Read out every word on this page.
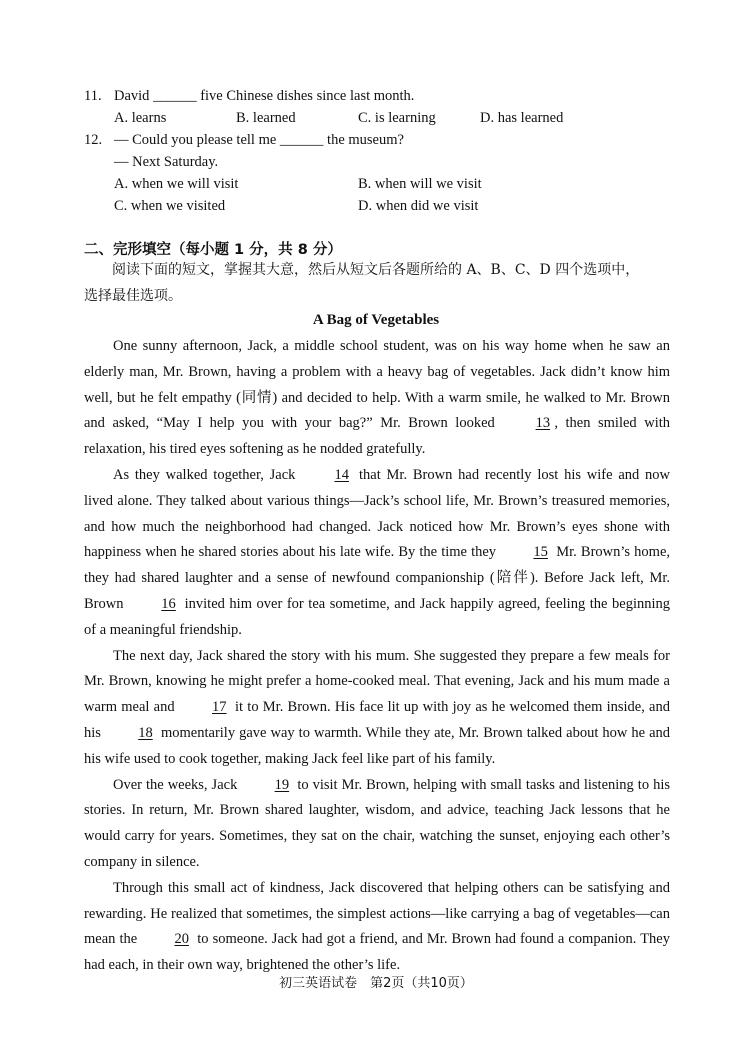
11. David ______ five Chinese dishes since last month.
A. learns	B. learned	C. is learning	D. has learned
12. — Could you please tell me ______ the museum?
— Next Saturday.
A. when we will visit	B. when will we visit
C. when we visited	D. when did we visit
二、完形填空（每小题 1 分，共 8 分）
阅读下面的短文，掌握其大意，然后从短文后各题所给的 A、B、C、D 四个选项中，
选择最佳选项。
A Bag of Vegetables

One sunny afternoon, Jack, a middle school student, was on his way home when he saw an elderly man, Mr. Brown, having a problem with a heavy bag of vegetables. Jack didn’t know him well, but he felt empathy (同情) and decided to help. With a warm smile, he walked to Mr. Brown and asked, “May I help you with your bag?” Mr. Brown looked	13 , then smiled with relaxation, his tired eyes softening as he nodded gratefully.

As they walked together, Jack	14 that Mr. Brown had recently lost his wife and now lived alone. They talked about various things—Jack’s school life, Mr. Brown’s treasured memories, and how much the neighborhood had changed. Jack noticed how Mr. Brown’s eyes shone with happiness when he shared stories about his late wife. By the time they	15 Mr. Brown’s home, they had shared laughter and a sense of newfound companionship (陪伴). Before Jack left, Mr. Brown	16 invited him over for tea sometime, and Jack happily agreed, feeling the beginning of a meaningful friendship.

The next day, Jack shared the story with his mum. She suggested they prepare a few meals for Mr. Brown, knowing he might prefer a home-cooked meal. That evening, Jack and his mum made a warm meal and	17 it to Mr. Brown. His face lit up with joy as he welcomed them inside, and his	18 momentarily gave way to warmth. While they ate, Mr. Brown talked about how he and his wife used to cook together, making Jack feel like part of his family.

Over the weeks, Jack	19 to visit Mr. Brown, helping with small tasks and listening to his stories. In return, Mr. Brown shared laughter, wisdom, and advice, teaching Jack lessons that he would carry for years. Sometimes, they sat on the chair, watching the sunset, enjoying each other’s company in silence.

Through this small act of kindness, Jack discovered that helping others can be satisfying and rewarding. He realized that sometimes, the simplest actions—like carrying a bag of vegetables—can mean the	20 to someone. Jack had got a friend, and Mr. Brown had found a companion. They had each, in their own way, brightened the other’s life.

初三英语试卷　第2页（共10页）
